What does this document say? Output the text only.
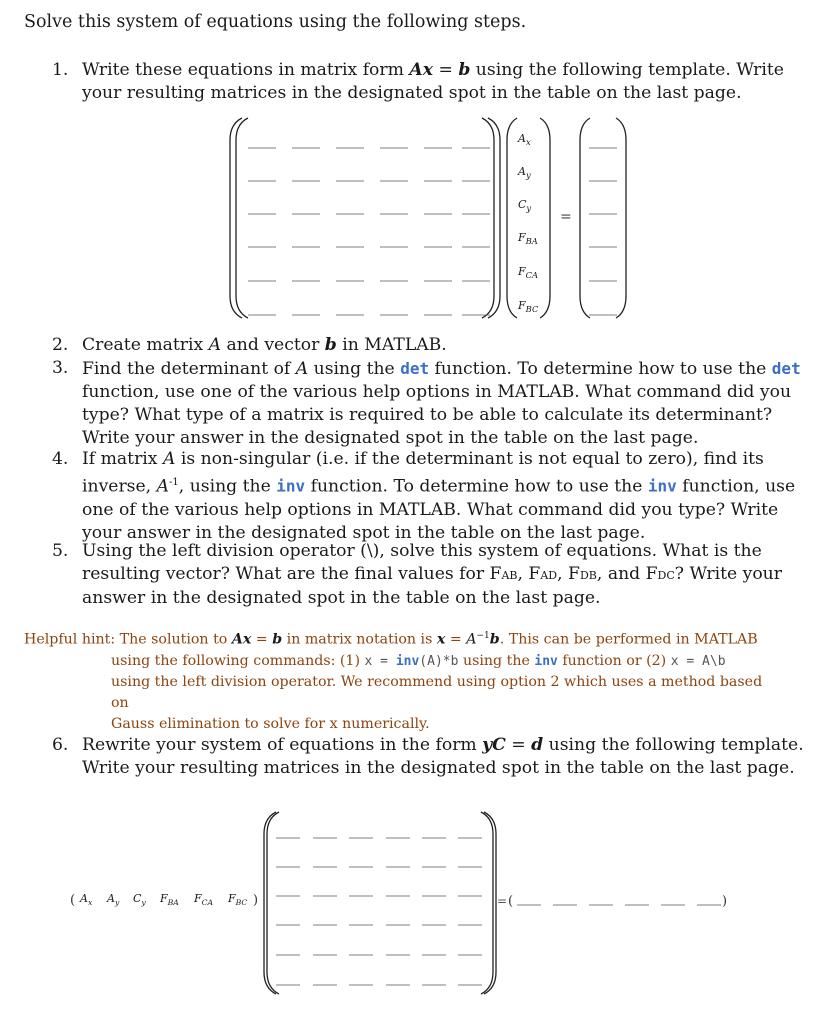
Solve this system of equations using the following steps.
1. Write these equations in matrix form Ax = b using the following template. Write your resulting matrices in the designated spot in the table on the last page.
2. Create matrix A and vector b in MATLAB.
3. Find the determinant of A using the det function. To determine how to use the det function, use one of the various help options in MATLAB. What command did you type? What type of a matrix is required to be able to calculate its determinant? Write your answer in the designated spot in the table on the last page.
4. If matrix A is non-singular (i.e. if the determinant is not equal to zero), find its inverse, $A^{-1}$, using the inv function. To determine how to use the inv function, use one of the various help options in MATLAB. What command did you type? Write your answer in the designated spot in the table on the last page.
5. Using the left division operator (\), solve this system of equations. What is the resulting vector? What are the final values for FAB, FAD, FDB, and FDC? Write your answer in the designated spot in the table on the last page.
Helpful hint: The solution to Ax = b in matrix notation is $x = A^{-1}b$. This can be performed in MATLAB
using the following commands: (1) x = inv(A)*b using the inv function or (2) x = A\b
using the left division operator. We recommend using option 2 which uses a method based on
Gauss elimination to solve for x numerically.
6. Rewrite your system of equations in the form yC = d using the following template. Write your resulting matrices in the designated spot in the table on the last page.
$A_x$
$A_y$
$C_y$
$F_{BA}$
$F_{CA}$
$F_{BC}$
=
( $A_x$ $A_y$ $C_y$ $F_{BA}$ $F_{CA}$ $F_{BC}$ )	= (	)
